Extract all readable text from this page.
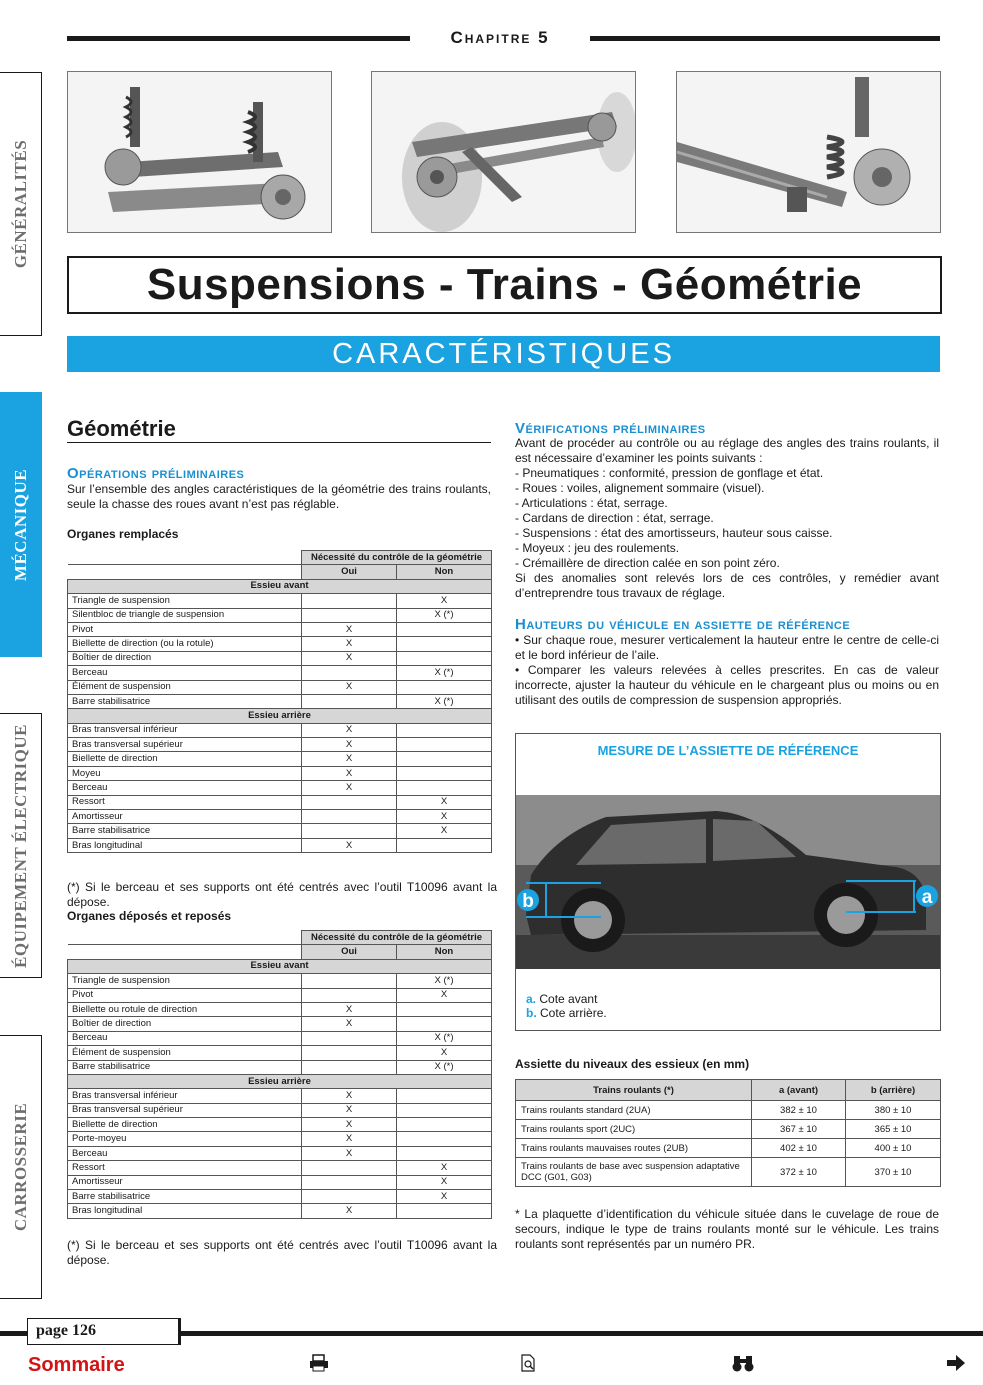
Chapitre 5
Suspensions - Trains - Géométrie
CARACTÉRISTIQUES
GÉNÉRALITÉS
MÉCANIQUE
ÉQUIPEMENT ÉLECTRIQUE
CARROSSERIE
Géométrie
Opérations préliminaires
Sur l’ensemble des angles caractéristiques de la géométrie des trains roulants, seule la chasse des roues avant n’est pas réglable.
Organes remplacés
	Nécessité du contrôle de la géométrie	
	Oui	Non
Essieu avant		
Triangle de suspension		X
Silentbloc de triangle de suspension		X (*)
Pivot	X	
Biellette de direction (ou la rotule)	X	
Boîtier de direction	X	
Berceau		X (*)
Élément de suspension	X	
Barre stabilisatrice		X (*)
Essieu arrière		
Bras transversal inférieur	X	
Bras transversal supérieur	X	
Biellette de direction	X	
Moyeu	X	
Berceau	X	
Ressort		X
Amortisseur		X
Barre stabilisatrice		X
Bras longitudinal	X	
(*) Si le berceau et ses supports ont été centrés avec l’outil T10096 avant la dépose.
Organes déposés et reposés
	Nécessité du contrôle de la géométrie	
	Oui	Non
Essieu avant		
Triangle de suspension		X (*)
Pivot		X
Biellette ou rotule de direction	X	
Boîtier de direction	X	
Berceau		X (*)
Élément de suspension		X
Barre stabilisatrice		X (*)
Essieu arrière		
Bras transversal inférieur	X	
Bras transversal supérieur	X	
Biellette de direction	X	
Porte-moyeu	X	
Berceau	X	
Ressort		X
Amortisseur		X
Barre stabilisatrice		X
Bras longitudinal	X	
(*) Si le berceau et ses supports ont été centrés avec l’outil T10096 avant la dépose.
Vérifications préliminaires
Avant de procéder au contrôle ou au réglage des angles des trains roulants, il est nécessaire d’examiner les points suivants :
- Pneumatiques : conformité, pression de gonflage et état.
- Roues : voiles, alignement sommaire (visuel).
- Articulations : état, serrage.
- Cardans de direction : état, serrage.
- Suspensions : état des amortisseurs, hauteur sous caisse.
- Moyeux : jeu des roulements.
- Crémaillère de direction calée en son point zéro.
Si des anomalies sont relevés lors de ces contrôles, y remédier avant d’entreprendre tous travaux de réglage.
Hauteurs du véhicule en assiette de référence
• Sur chaque roue, mesurer verticalement la hauteur entre le centre de celle-ci et le bord inférieur de l’aile.
• Comparer les valeurs relevées à celles prescrites. En cas de valeur incorrecte, ajuster la hauteur du véhicule en le chargeant plus ou moins ou en utilisant des outils de compression de suspension appropriés.
MESURE DE L’ASSIETTE DE RÉFÉRENCE
b	a
a. Cote avant
b. Cote arrière.
Assiette du niveaux des essieux (en mm)
Trains roulants (*)	a (avant)	b (arrière)
Trains roulants standard (2UA)	382 ± 10	380 ± 10
Trains roulants sport (2UC)	367 ± 10	365 ± 10
Trains roulants mauvaises routes (2UB)	402 ± 10	400 ± 10
Trains roulants de base avec suspension adaptative DCC (G01, G03)	372 ± 10	370 ± 10
* La plaquette d’identification du véhicule située dans le cuvelage de roue de secours, indique le type de trains roulants monté sur le véhicule. Les trains roulants sont représentés par un numéro PR.
page 126
Sommaire
